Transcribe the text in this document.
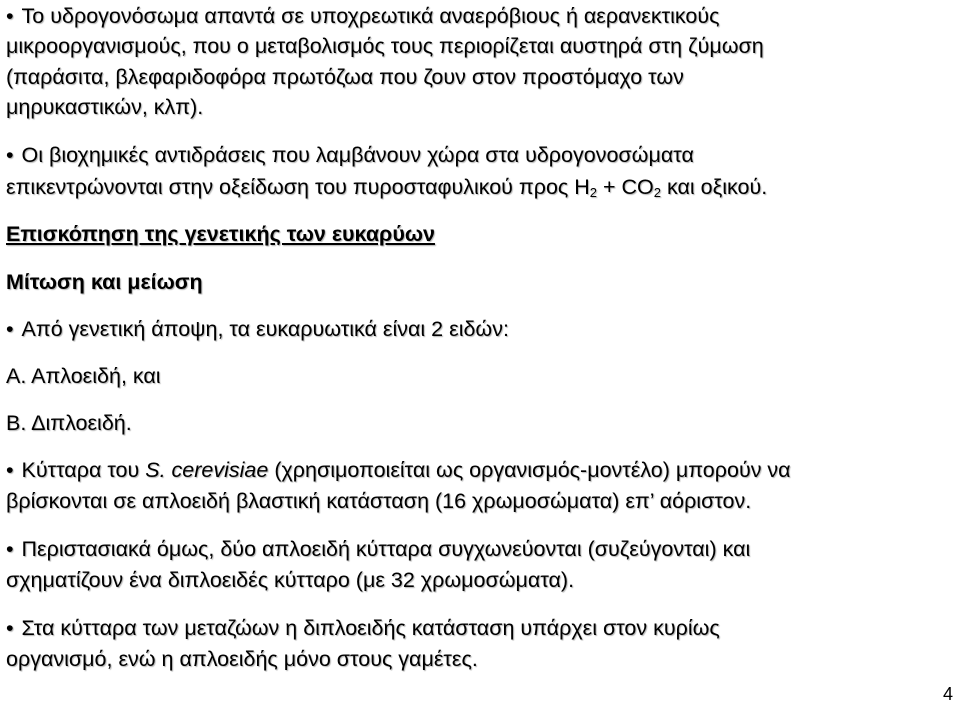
• Το υδρογονόσωμα απαντά σε υποχρεωτικά αναερόβιους ή αερανεκτικούς

μικροοργανισμούς, που ο μεταβολισμός τους περιορίζεται αυστηρά στη ζύμωση

(παράσιτα, βλεφαριδοφόρα πρωτόζωα που ζουν στον προστόμαχο των

μηρυκαστικών, κλπ).

• Οι βιοχημικές αντιδράσεις που λαμβάνουν χώρα στα υδρογονοσώματα

επικεντρώνονται στην οξείδωση του πυροσταφυλικού προς $H_2 + CO_2$ και οξικού.

Επισκόπηση της γενετικής των ευκαρύων

Μίτωση και μείωση

• Από γενετική άποψη, τα ευκαρυωτικά είναι 2 ειδών:

Α. Απλοειδή, και

Β. Διπλοειδή.

• Κύτταρα του S. cerevisiae (χρησιμοποιείται ως οργανισμός-μοντέλο) μπορούν να

βρίσκονται σε απλοειδή βλαστική κατάσταση (16 χρωμοσώματα) επ’ αόριστον.

• Περιστασιακά όμως, δύο απλοειδή κύτταρα συγχωνεύονται (συζεύγονται) και

σχηματίζουν ένα διπλοειδές κύτταρο (με 32 χρωμοσώματα).

• Στα κύτταρα των μεταζώων η διπλοειδής κατάσταση υπάρχει στον κυρίως

οργανισμό, ενώ η απλοειδής μόνο στους γαμέτες.

4
